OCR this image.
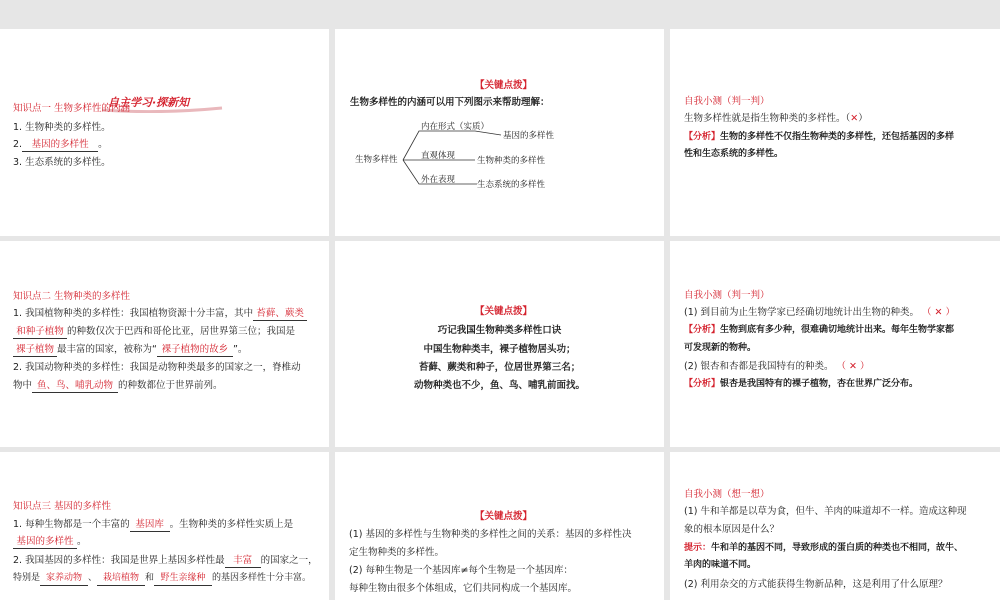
自主学习·探新知
知识点一 生物多样性的内涵
1. 生物种类的多样性。
2. 基因的多样性 。
3. 生态系统的多样性。
【关键点拨】
生物多样性的内涵可以用下列图示来帮助理解：
生物多样性
内在形式（实质）
直观体现
外在表现
基因的多样性
生物种类的多样性
生态系统的多样性
自我小测（判一判）
生物多样性就是指生物种类的多样性。（✕）
【分析】生物的多样性不仅指生物种类的多样性，还包括基因的多样
性和生态系统的多样性。
知识点二 生物种类的多样性
1. 我国植物种类的多样性：我国植物资源十分丰富，其中 苔藓、蕨类
和种子植物 的种数仅次于巴西和哥伦比亚，居世界第三位；我国是
裸子植物 最丰富的国家，被称为“ 裸子植物的故乡 ”。
2. 我国动物种类的多样性：我国是动物种类最多的国家之一，脊椎动
物中 鱼、鸟、哺乳动物 的种数都位于世界前列。
【关键点拨】
巧记我国生物种类多样性口诀
中国生物种类丰，裸子植物居头功；
苔藓、蕨类和种子，位居世界第三名；
动物种类也不少，鱼、鸟、哺乳前面找。
自我小测（判一判）
(1) 到目前为止生物学家已经确切地统计出生物的种类。 （ ✕ ）
【分析】生物到底有多少种，很难确切地统计出来。每年生物学家都
可发现新的物种。
(2) 银杏和杏都是我国特有的种类。 （ ✕ ）
【分析】银杏是我国特有的裸子植物，杏在世界广泛分布。
知识点三 基因的多样性
1. 每种生物都是一个丰富的 基因库 。生物种类的多样性实质上是
基因的多样性 。
2. 我国基因的多样性：我国是世界上基因多样性最 丰富 的国家之一，
特别是 家养动物 、 栽培植物 和 野生亲缘种 的基因多样性十分丰富。
【关键点拨】
(1) 基因的多样性与生物种类的多样性之间的关系：基因的多样性决
定生物种类的多样性。
(2) 每种生物是一个基因库≠每个生物是一个基因库：
每种生物由很多个体组成，它们共同构成一个基因库。
自我小测（想一想）
(1) 牛和羊都是以草为食，但牛、羊肉的味道却不一样。造成这种现
象的根本原因是什么？
提示：牛和羊的基因不同，导致形成的蛋白质的种类也不相同，故牛、
羊肉的味道不同。
(2) 利用杂交的方式能获得生物新品种，这是利用了什么原理？
